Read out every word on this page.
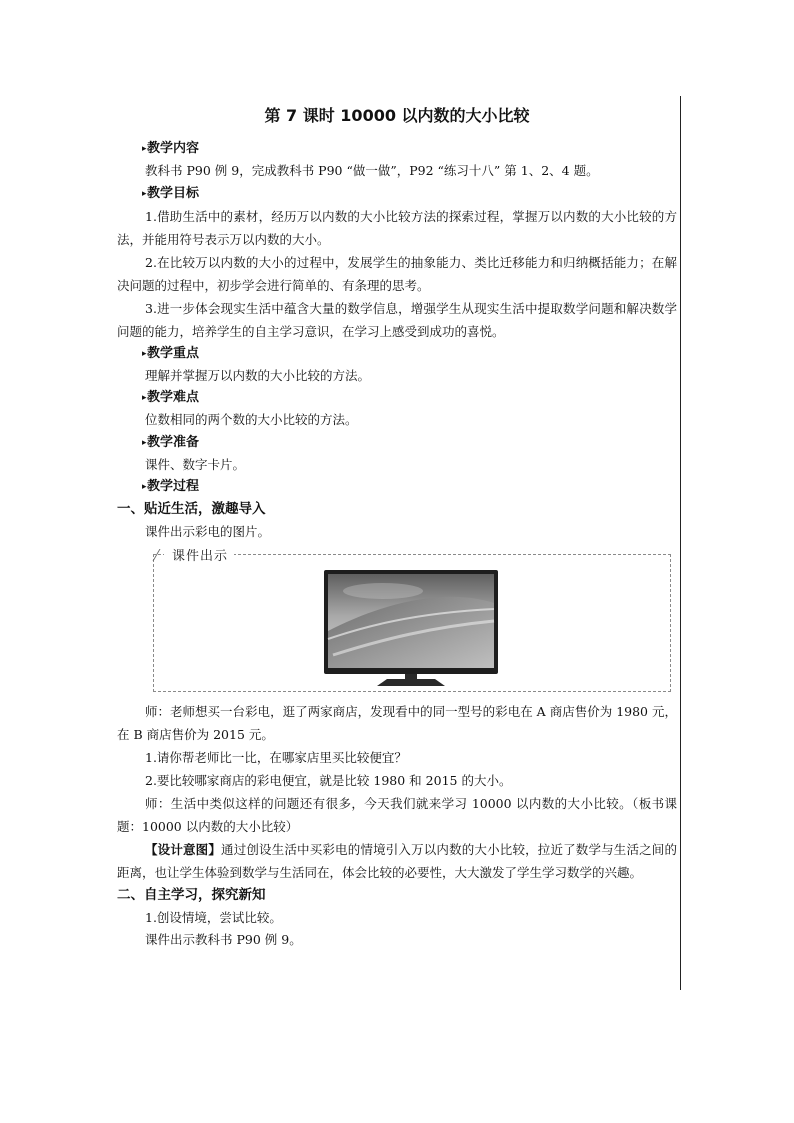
第 7 课时 10000 以内数的大小比较
▸ 教学内容
教科书 P90 例 9，完成教科书 P90 “做一做”，P92 “练习十八” 第 1、2、4 题。
▸ 教学目标
1.借助生活中的素材，经历万以内数的大小比较方法的探索过程，掌握万以内数的大小比较的方法，并能用符号表示万以内数的大小。
2.在比较万以内数的大小的过程中，发展学生的抽象能力、类比迁移能力和归纳概括能力；在解决问题的过程中，初步学会进行简单的、有条理的思考。
3.进一步体会现实生活中蕴含大量的数学信息，增强学生从现实生活中提取数学问题和解决数学问题的能力，培养学生的自主学习意识，在学习上感受到成功的喜悦。
▸ 教学重点
理解并掌握万以内数的大小比较的方法。
▸ 教学难点
位数相同的两个数的大小比较的方法。
▸ 教学准备
课件、数字卡片。
▸ 教学过程
一、贴近生活，激趣导入
课件出示彩电的图片。
课件出示
师：老师想买一台彩电，逛了两家商店，发现看中的同一型号的彩电在 A 商店售价为 1980 元，在 B 商店售价为 2015 元。
1.请你帮老师比一比，在哪家店里买比较便宜？
2.要比较哪家商店的彩电便宜，就是比较 1980 和 2015 的大小。
师：生活中类似这样的问题还有很多，今天我们就来学习 10000 以内数的大小比较。（板书课题：10000 以内数的大小比较）
【设计意图】通过创设生活中买彩电的情境引入万以内数的大小比较，拉近了数学与生活之间的距离，也让学生体验到数学与生活同在，体会比较的必要性，大大激发了学生学习数学的兴趣。
二、自主学习，探究新知
1.创设情境，尝试比较。
课件出示教科书 P90 例 9。
